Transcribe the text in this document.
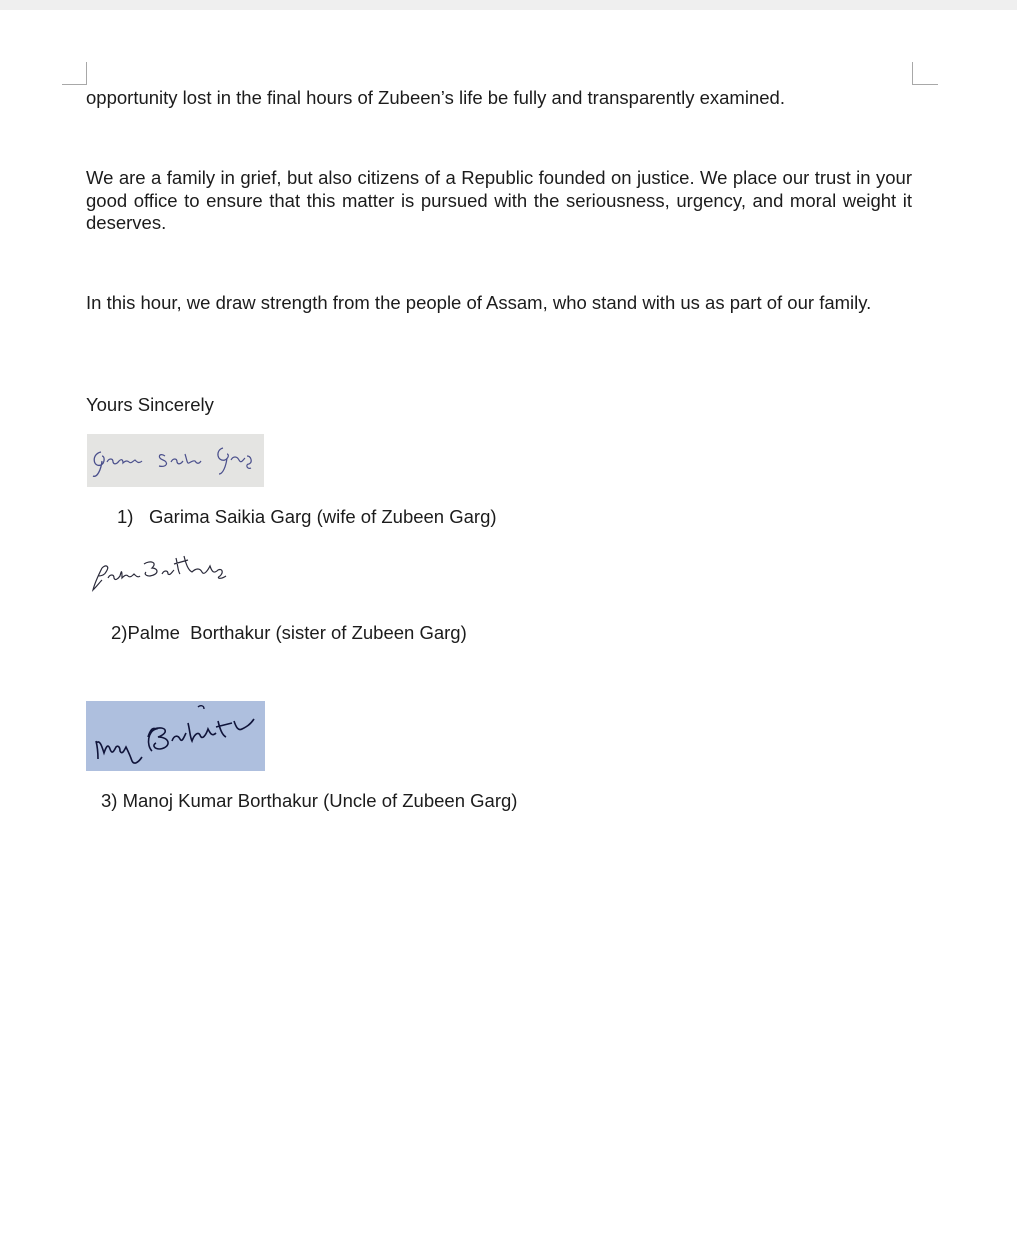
opportunity lost in the final hours of Zubeen’s life be fully and transparently examined.

We are a family in grief, but also citizens of a Republic founded on justice. We place our trust in your good office to ensure that this matter is pursued with the seriousness, urgency, and moral weight it deserves.

In this hour, we draw strength from the people of Assam, who stand with us as part of our family.

Yours Sincerely

1) Garima Saikia Garg (wife of Zubeen Garg)

2)Palme  Borthakur (sister of Zubeen Garg)

3) Manoj Kumar Borthakur (Uncle of Zubeen Garg)
